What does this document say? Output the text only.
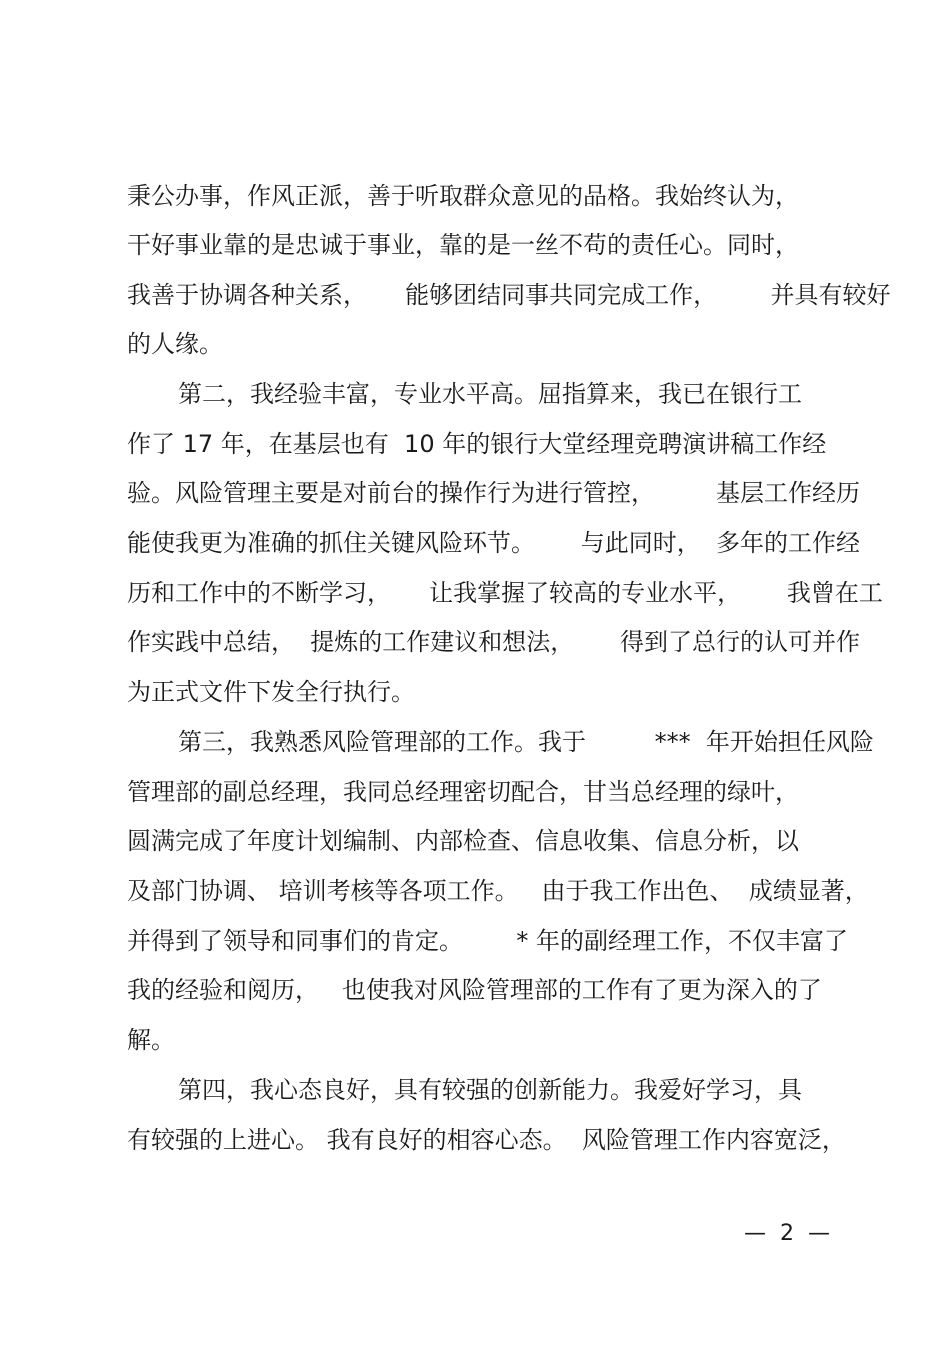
秉公办事，作风正派，善于听取群众意见的品格。我始终认为，
干好事业靠的是忠诚于事业，靠的是一丝不苟的责任心。同时，
我善于协调各种关系，     能够团结同事共同完成工作，       并具有较好
的人缘。
第二，我经验丰富，专业水平高。屈指算来，我已在银行工
作了 17 年，在基层也有  10 年的银行大堂经理竞聘演讲稿工作经
验。风险管理主要是对前台的操作行为进行管控，        基层工作经历
能使我更为准确的抓住关键风险环节。      与此同时，  多年的工作经
历和工作中的不断学习，     让我掌握了较高的专业水平，      我曾在工
作实践中总结，  提炼的工作建议和想法，      得到了总行的认可并作
为正式文件下发全行执行。
第三，我熟悉风险管理部的工作。我于         ***  年开始担任风险
管理部的副总经理，我同总经理密切配合，甘当总经理的绿叶，
圆满完成了年度计划编制、内部检查、信息收集、信息分析，以
及部门协调、 培训考核等各项工作。   由于我工作出色、  成绩显著，
并得到了领导和同事们的肯定。       * 年的副经理工作，不仅丰富了
我的经验和阅历，   也使我对风险管理部的工作有了更为深入的了
解。
第四，我心态良好，具有较强的创新能力。我爱好学习，具
有较强的上进心。 我有良好的相容心态。  风险管理工作内容宽泛，
—  2  —
